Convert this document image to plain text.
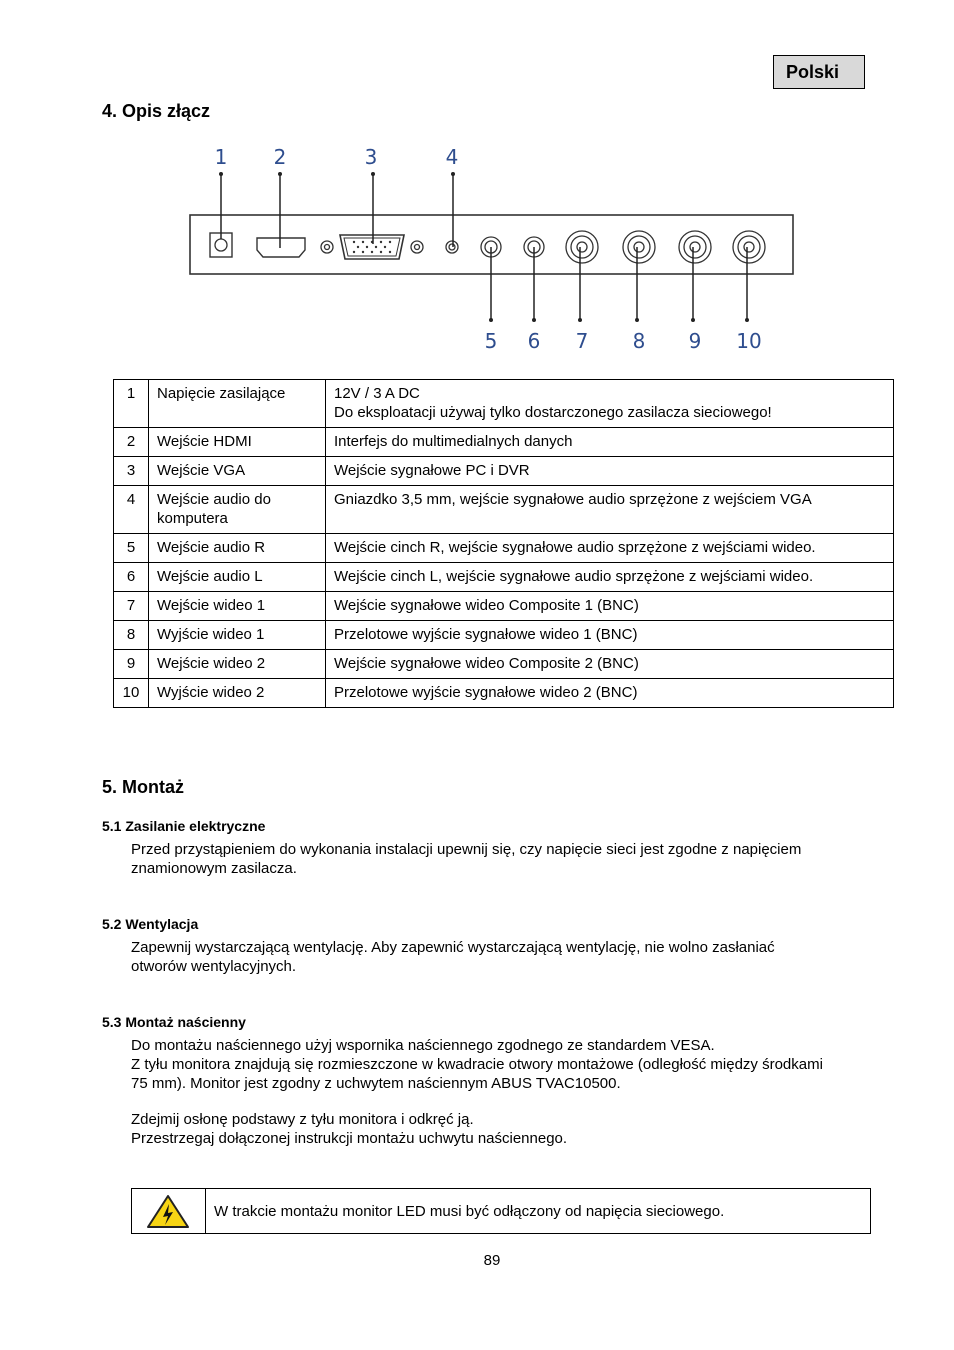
Polski
4. Opis złącz
1 2	3	4
5 6 7 8 9 10
1	Napięcie zasilające	12V / 3 A DC
Do eksploatacji używaj tylko dostarczonego zasilacza sieciowego!

2	Wejście HDMI	Interfejs do multimedialnych danych

3	Wejście VGA	Wejście sygnałowe PC i DVR

4	Wejście audio do komputera	Gniazdko 3,5 mm, wejście sygnałowe audio sprzężone z wejściem VGA

5	Wejście audio R	Wejście cinch R, wejście sygnałowe audio sprzężone z wejściami wideo.

6	Wejście audio L	Wejście cinch L, wejście sygnałowe audio sprzężone z wejściami wideo.

7	Wejście wideo 1	Wejście sygnałowe wideo Composite 1 (BNC)

8	Wyjście wideo 1	Przelotowe wyjście sygnałowe wideo 1 (BNC)

9	Wejście wideo 2	Wejście sygnałowe wideo Composite 2 (BNC)

10	Wyjście wideo 2	Przelotowe wyjście sygnałowe wideo 2 (BNC)
5. Montaż
5.1 Zasilanie elektryczne
Przed przystąpieniem do wykonania instalacji upewnij się, czy napięcie sieci jest zgodne z napięciem
znamionowym zasilacza.
5.2 Wentylacja
Zapewnij wystarczającą wentylację. Aby zapewnić wystarczającą wentylację, nie wolno zasłaniać
otworów wentylacyjnych.
5.3 Montaż naścienny
Do montażu naściennego użyj wspornika naściennego zgodnego ze standardem VESA.
Z tyłu monitora znajdują się rozmieszczone w kwadracie otwory montażowe (odległość między środkami
75 mm). Monitor jest zgodny z uchwytem naściennym ABUS TVAC10500.
Zdejmij osłonę podstawy z tyłu monitora i odkręć ją.
Przestrzegaj dołączonej instrukcji montażu uchwytu naściennego.
W trakcie montażu monitor LED musi być odłączony od napięcia sieciowego.
89
